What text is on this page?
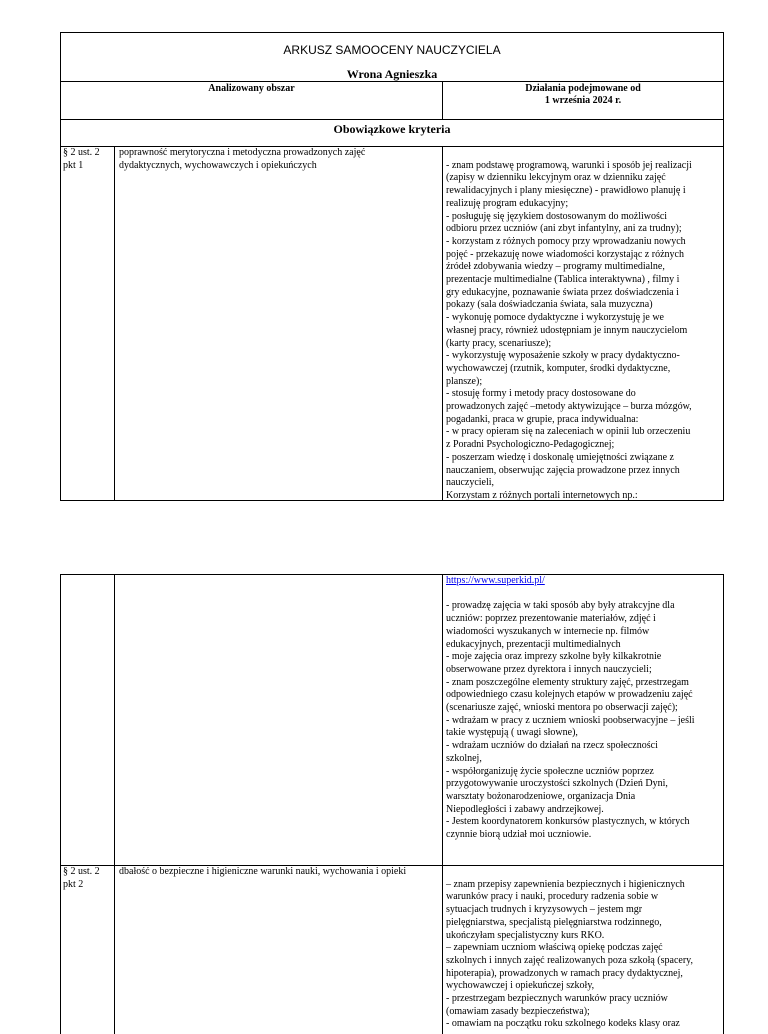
ARKUSZ SAMOOCENY NAUCZYCIELA
Wrona Agnieszka
Analizowany obszar	Działania podejmowane od
1 września 2024 r.
Obowiązkowe kryteria
§ 2 ust. 2
pkt 1
poprawność merytoryczna i metodyczna prowadzonych zajęć
dydaktycznych, wychowawczych i opiekuńczych	- znam podstawę programową, warunki i sposób jej realizacji
(zapisy w dzienniku lekcyjnym oraz w dzienniku zajęć
rewalidacyjnych i plany miesięczne) - prawidłowo planuję i
realizuję program edukacyjny;
- posługuję się językiem dostosowanym do możliwości
odbioru przez uczniów (ani zbyt infantylny, ani za trudny);
- korzystam z różnych pomocy przy wprowadzaniu nowych
pojęć - przekazuję nowe wiadomości korzystając z różnych
źródeł zdobywania wiedzy – programy multimedialne,
prezentacje multimedialne (Tablica interaktywna) , filmy i
gry edukacyjne, poznawanie świata przez doświadczenia i
pokazy (sala doświadczania świata, sala muzyczna)
- wykonuję pomoce dydaktyczne i wykorzystuję je we
własnej pracy, również udostępniam je innym nauczycielom
(karty pracy, scenariusze);
- wykorzystuję wyposażenie szkoły w pracy dydaktyczno-
wychowawczej (rzutnik, komputer, środki dydaktyczne,
plansze);
- stosuję formy i metody pracy dostosowane do
prowadzonych zajęć –metody aktywizujące – burza mózgów,
pogadanki, praca w grupie, praca indywidualna:
- w pracy opieram się na zaleceniach w opinii lub orzeczeniu
z Poradni Psychologiczno-Pedagogicznej;
- poszerzam wiedzę i doskonalę umiejętności związane z
nauczaniem, obserwując zajęcia prowadzone przez innych
nauczycieli,
Korzystam z różnych portali internetowych np.:
https://www.superkid.pl/
- prowadzę zajęcia w taki sposób aby były atrakcyjne dla
uczniów: poprzez prezentowanie materiałów, zdjęć i
wiadomości wyszukanych w internecie np. filmów
edukacyjnych, prezentacji multimedialnych
- moje zajęcia oraz imprezy szkolne były kilkakrotnie
obserwowane przez dyrektora i innych nauczycieli;
- znam poszczególne elementy struktury zajęć, przestrzegam
odpowiedniego czasu kolejnych etapów w prowadzeniu zajęć
(scenariusze zajęć, wnioski mentora po obserwacji zajęć);
- wdrażam w pracy z uczniem wnioski poobserwacyjne – jeśli
takie występują ( uwagi słowne),
- wdrażam uczniów do działań na rzecz społeczności
szkolnej,
- współorganizuję życie społeczne uczniów poprzez
przygotowywanie uroczystości szkolnych (Dzień Dyni,
warsztaty bożonarodzeniowe, organizacja Dnia
Niepodległości i zabawy andrzejkowej.
- Jestem koordynatorem konkursów plastycznych, w których
czynnie biorą udział moi uczniowie.
§ 2 ust. 2
pkt 2
dbałość o bezpieczne i higieniczne warunki nauki, wychowania i opieki
– znam przepisy zapewnienia bezpiecznych i higienicznych
warunków pracy i nauki, procedury radzenia sobie w
sytuacjach trudnych i kryzysowych – jestem mgr
pielęgniarstwa, specjalistą pielęgniarstwa rodzinnego,
ukończyłam specjalistyczny kurs RKO.
– zapewniam uczniom właściwą opiekę podczas zajęć
szkolnych i innych zajęć realizowanych poza szkołą (spacery,
hipoterapia), prowadzonych w ramach pracy dydaktycznej,
wychowawczej i opiekuńczej szkoły,
- przestrzegam bezpiecznych warunków pracy uczniów
(omawiam zasady bezpieczeństwa);
- omawiam na początku roku szkolnego kodeks klasy oraz
